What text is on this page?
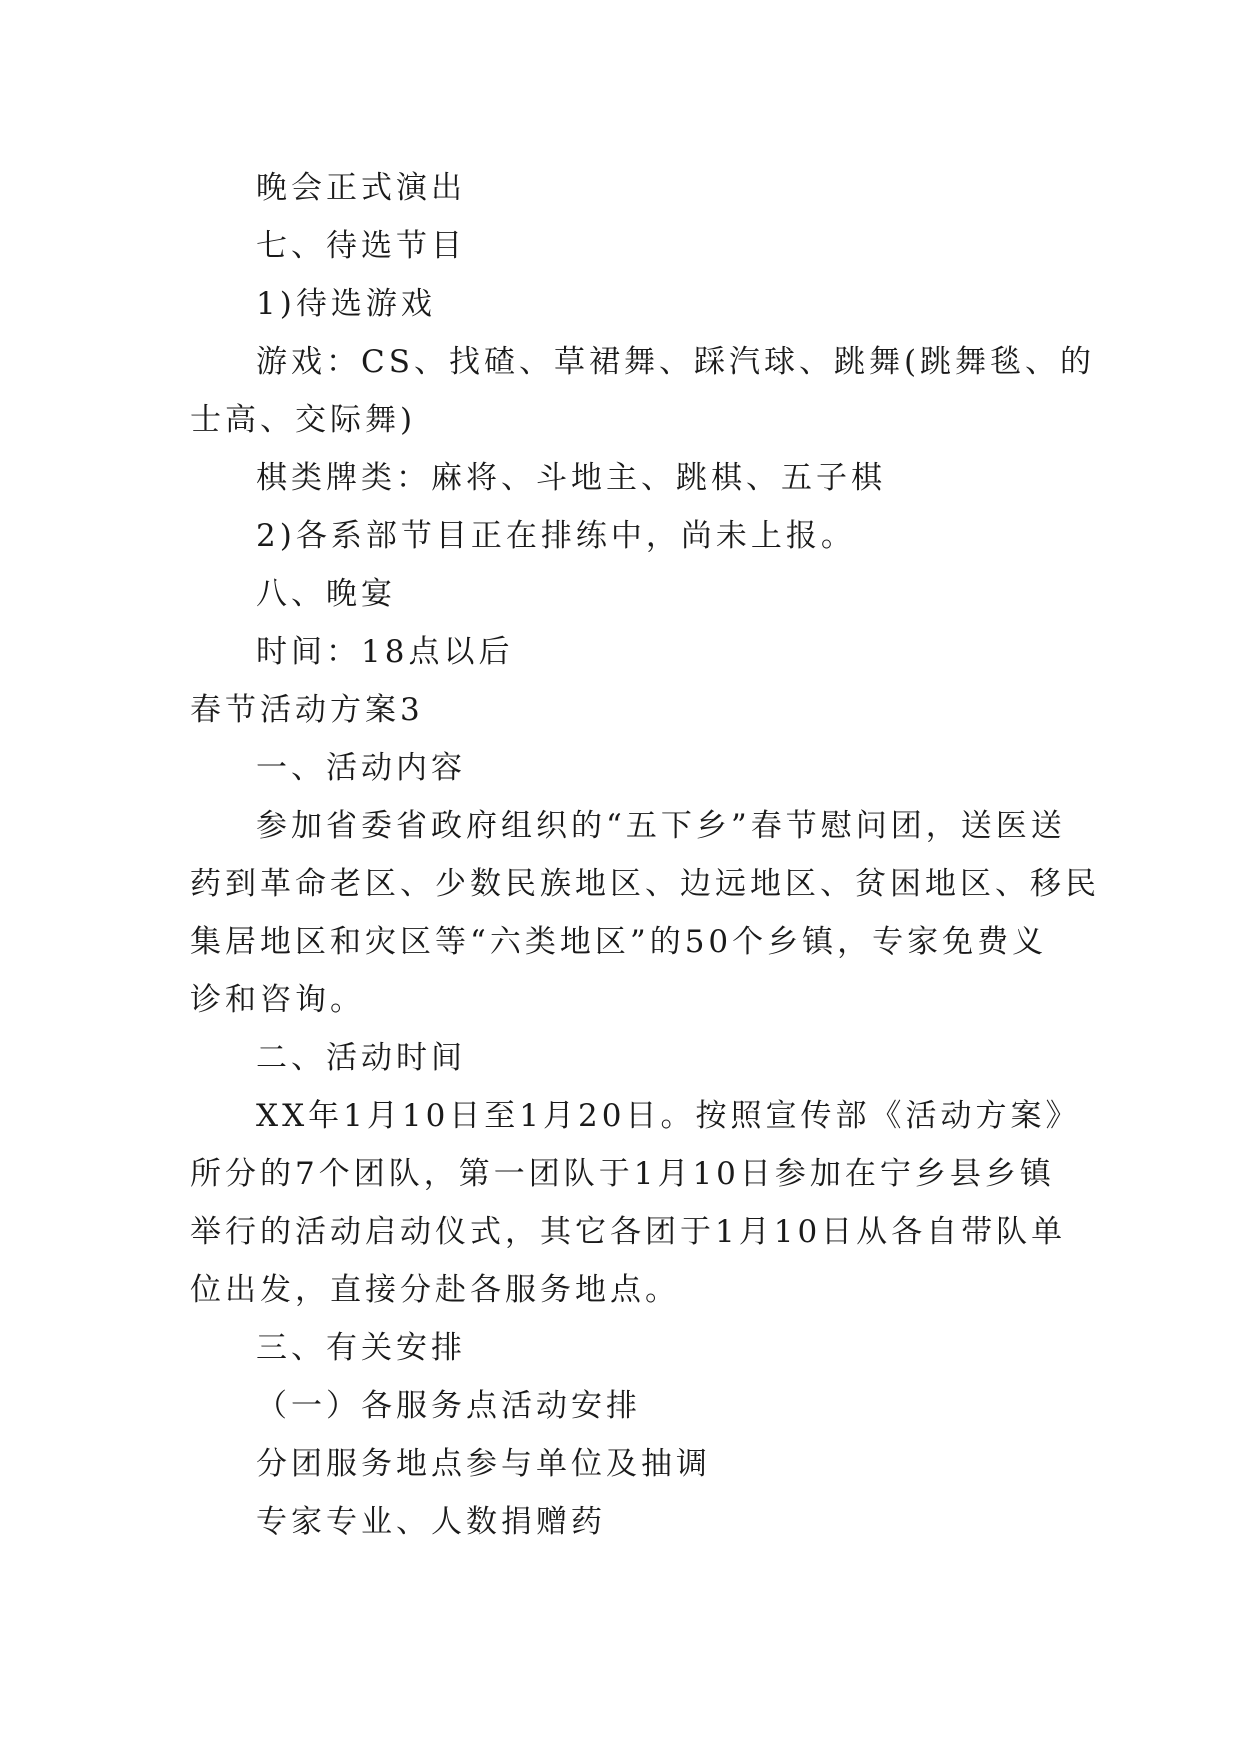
晚会正式演出

七、待选节目

1)待选游戏

游戏：CS、找碴、草裙舞、踩汽球、跳舞(跳舞毯、的

士高、交际舞)

棋类牌类：麻将、斗地主、跳棋、五子棋

2)各系部节目正在排练中，尚未上报。

八、晚宴

时间：18点以后

春节活动方案3

一、活动内容

参加省委省政府组织的“五下乡”春节慰问团，送医送

药到革命老区、少数民族地区、边远地区、贫困地区、移民

集居地区和灾区等“六类地区”的50个乡镇，专家免费义

诊和咨询。

二、活动时间

XX年1月10日至1月20日。按照宣传部《活动方案》

所分的7个团队，第一团队于1月10日参加在宁乡县乡镇

举行的活动启动仪式，其它各团于1月10日从各自带队单

位出发，直接分赴各服务地点。

三、有关安排

（一）各服务点活动安排

分团服务地点参与单位及抽调

专家专业、人数捐赠药
